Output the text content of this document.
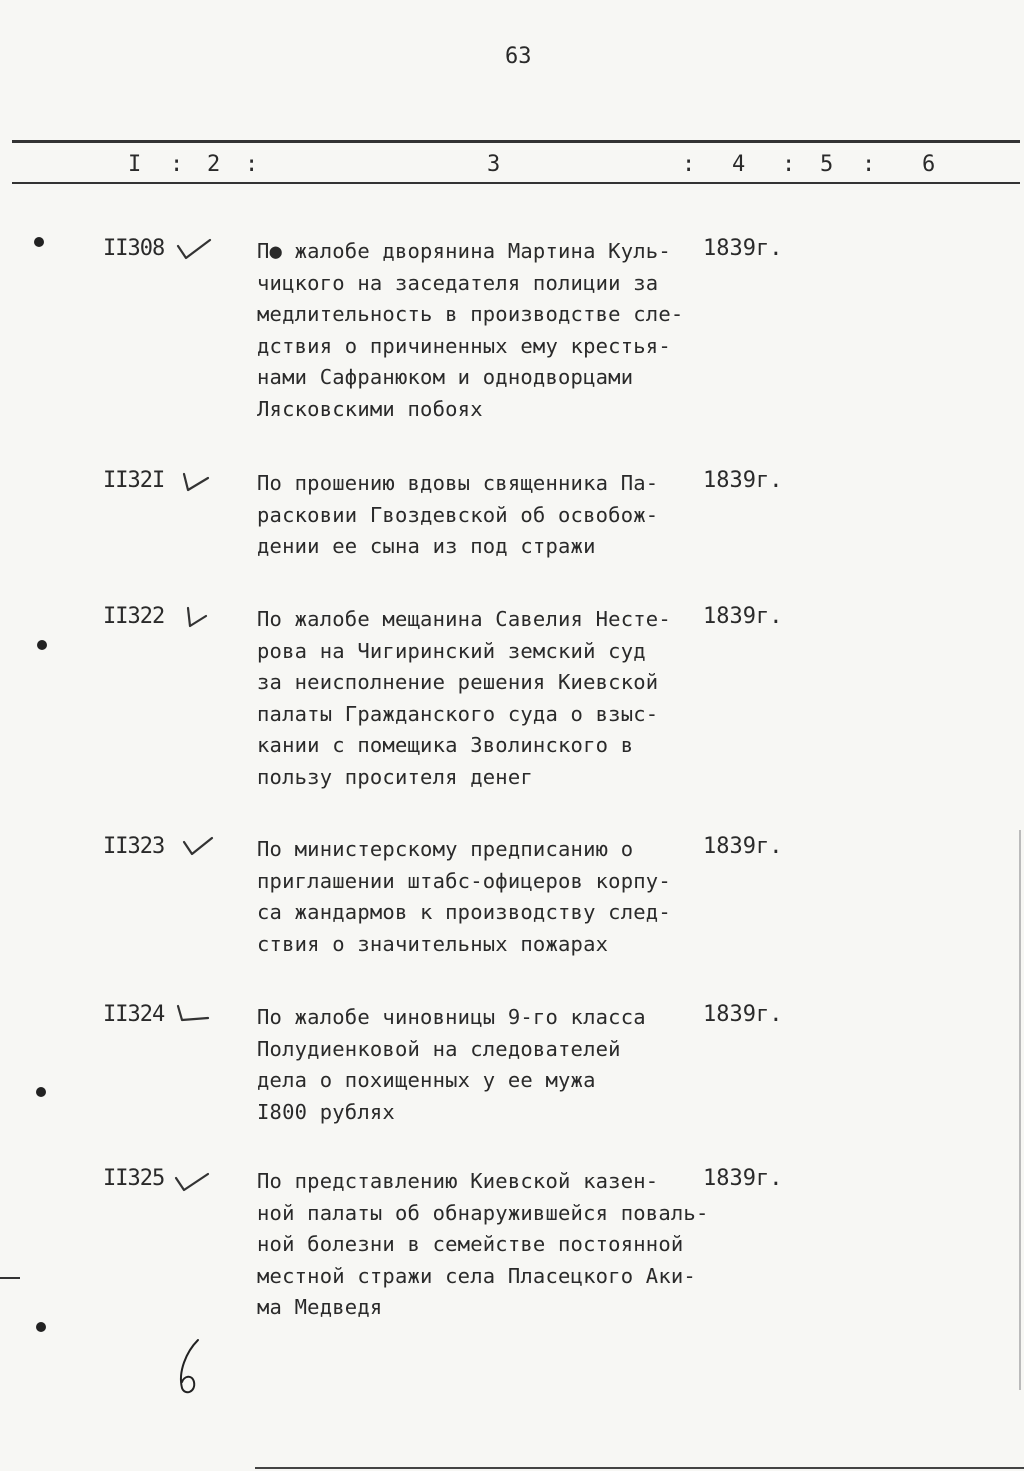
63
I : 2 :	3	: 4 : 5 : 6
II308	П● жалобе дворянина Мартина Куль-
чицкого на заседателя полиции за
медлительность в производстве сле-
дствия о причиненных ему крестья-
нами Сафранюком и однодворцами
Лясковскими побоях
1839г.
II32I	По прошению вдовы священника Па-
расковии Гвоздевской об освобож-
дении ее сына из под стражи
1839г.
II322	По жалобе мещанина Савелия Несте-
рова на Чигиринский земский суд
за неисполнение решения Киевской
палаты Гражданского суда о взыс-
кании с помещика Зволинского в
пользу просителя денег
1839г.
II323	По министерскому предписанию о
приглашении штабс-офицеров корпу-
са жандармов к производству след-
ствия о значительных пожарах
1839г.
II324	По жалобе чиновницы 9-го класса
Полудиенковой на следователей
дела о похищенных у ее мужа
I800 рублях
1839г.
II325	По представлению Киевской казен-
ной палаты об обнаружившейся поваль-
ной болезни в семействе постоянной
местной стражи села Пласецкого Аки-
ма Медведя
1839г.
